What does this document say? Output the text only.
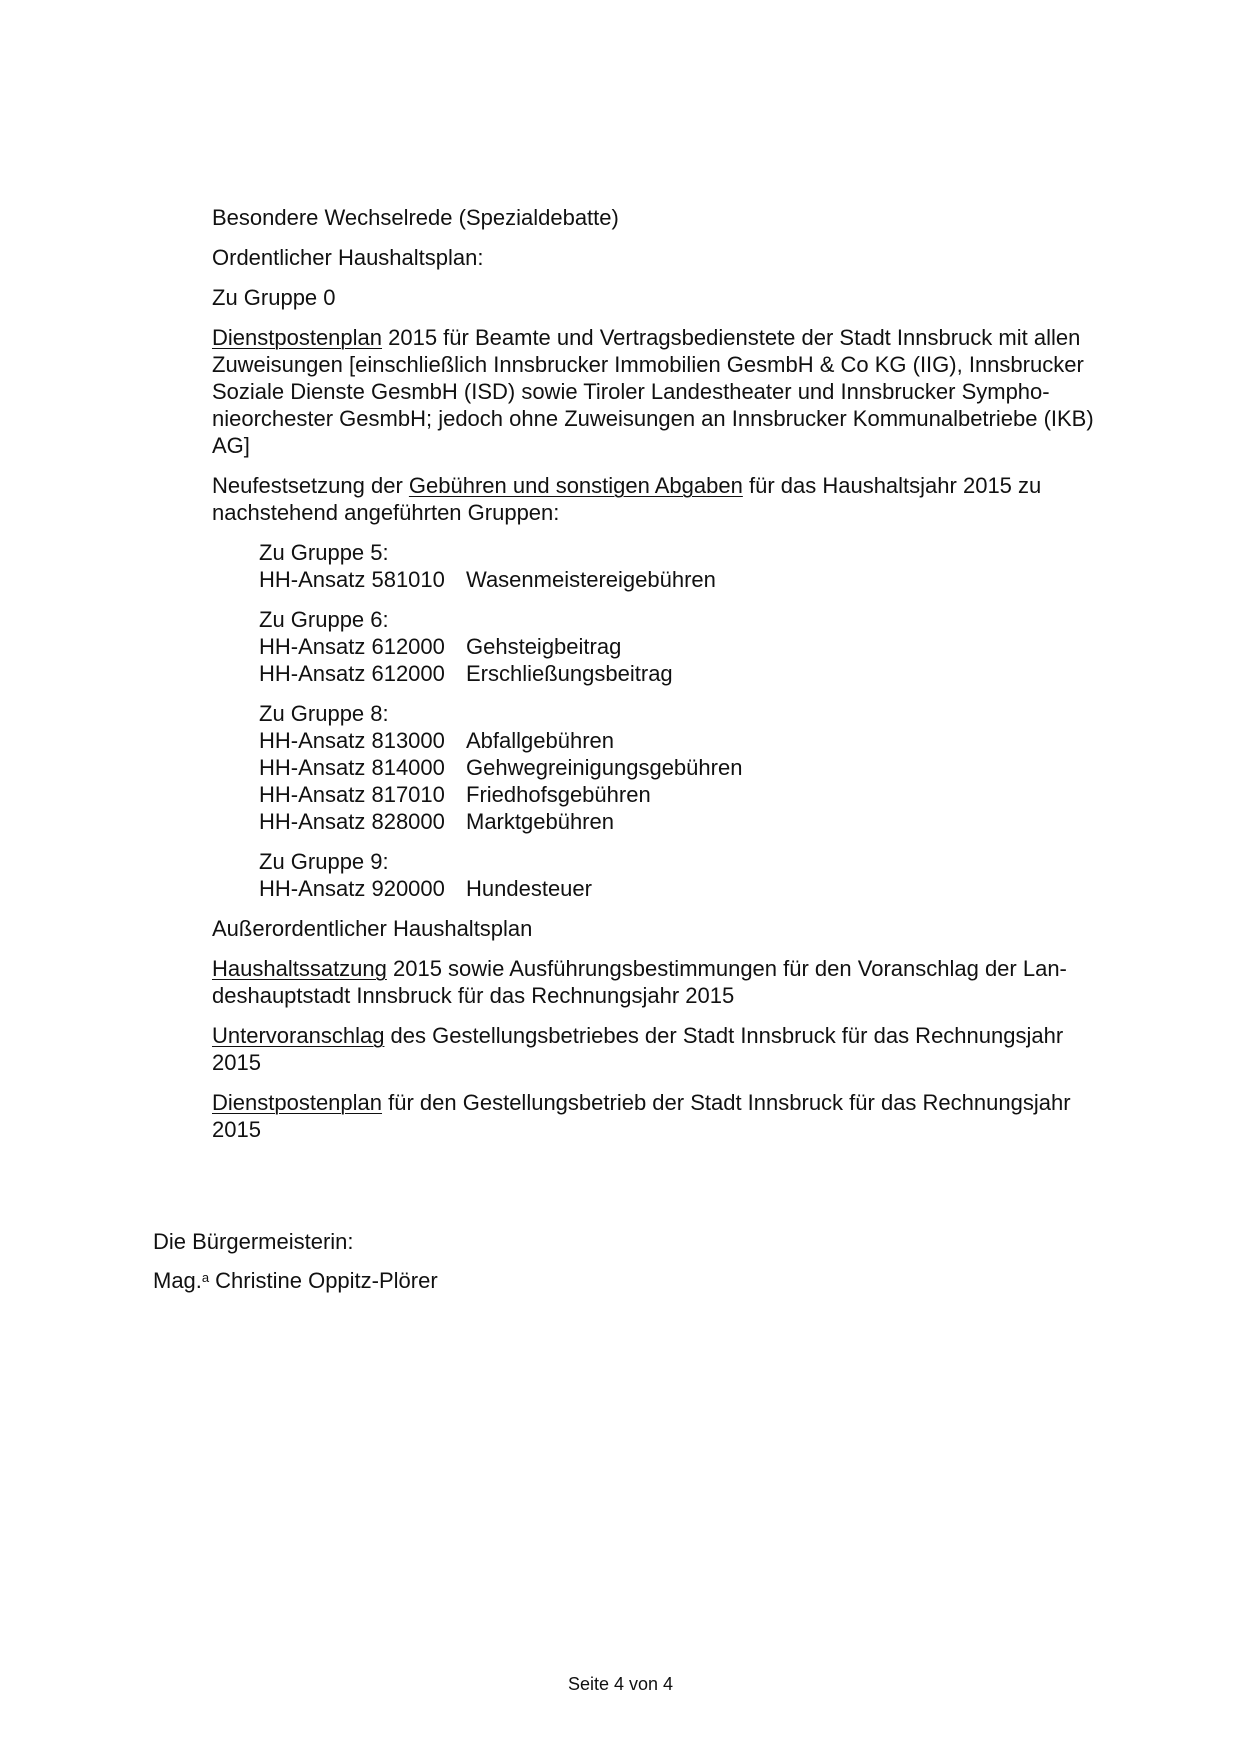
Besondere Wechselrede (Spezialdebatte)

Ordentlicher Haushaltsplan:

Zu Gruppe 0

Dienstpostenplan 2015 für Beamte und Vertragsbedienstete der Stadt Innsbruck mit allen
Zuweisungen [einschließlich Innsbrucker Immobilien GesmbH & Co KG (IIG), Innsbrucker
Soziale Dienste GesmbH (ISD) sowie Tiroler Landestheater und Innsbrucker Sympho-
nieorchester GesmbH; jedoch ohne Zuweisungen an Innsbrucker Kommunalbetriebe (IKB)
AG]

Neufestsetzung der Gebühren und sonstigen Abgaben für das Haushaltsjahr 2015 zu
nachstehend angeführten Gruppen:

Zu Gruppe 5:
HH-Ansatz 581010 Wasenmeistereigebühren
Zu Gruppe 6:
HH-Ansatz 612000 Gehsteigbeitrag
HH-Ansatz 612000 Erschließungsbeitrag
Zu Gruppe 8:
HH-Ansatz 813000 Abfallgebühren
HH-Ansatz 814000 Gehwegreinigungsgebühren
HH-Ansatz 817010 Friedhofsgebühren
HH-Ansatz 828000 Marktgebühren
Zu Gruppe 9:
HH-Ansatz 920000 Hundesteuer

Außerordentlicher Haushaltsplan

Haushaltssatzung 2015 sowie Ausführungsbestimmungen für den Voranschlag der Lan-
deshauptstadt Innsbruck für das Rechnungsjahr 2015

Untervoranschlag des Gestellungsbetriebes der Stadt Innsbruck für das Rechnungsjahr
2015

Dienstpostenplan für den Gestellungsbetrieb der Stadt Innsbruck für das Rechnungsjahr
2015

Die Bürgermeisterin:
Mag.$^a$ Christine Oppitz-Plörer
Seite 4 von 4
